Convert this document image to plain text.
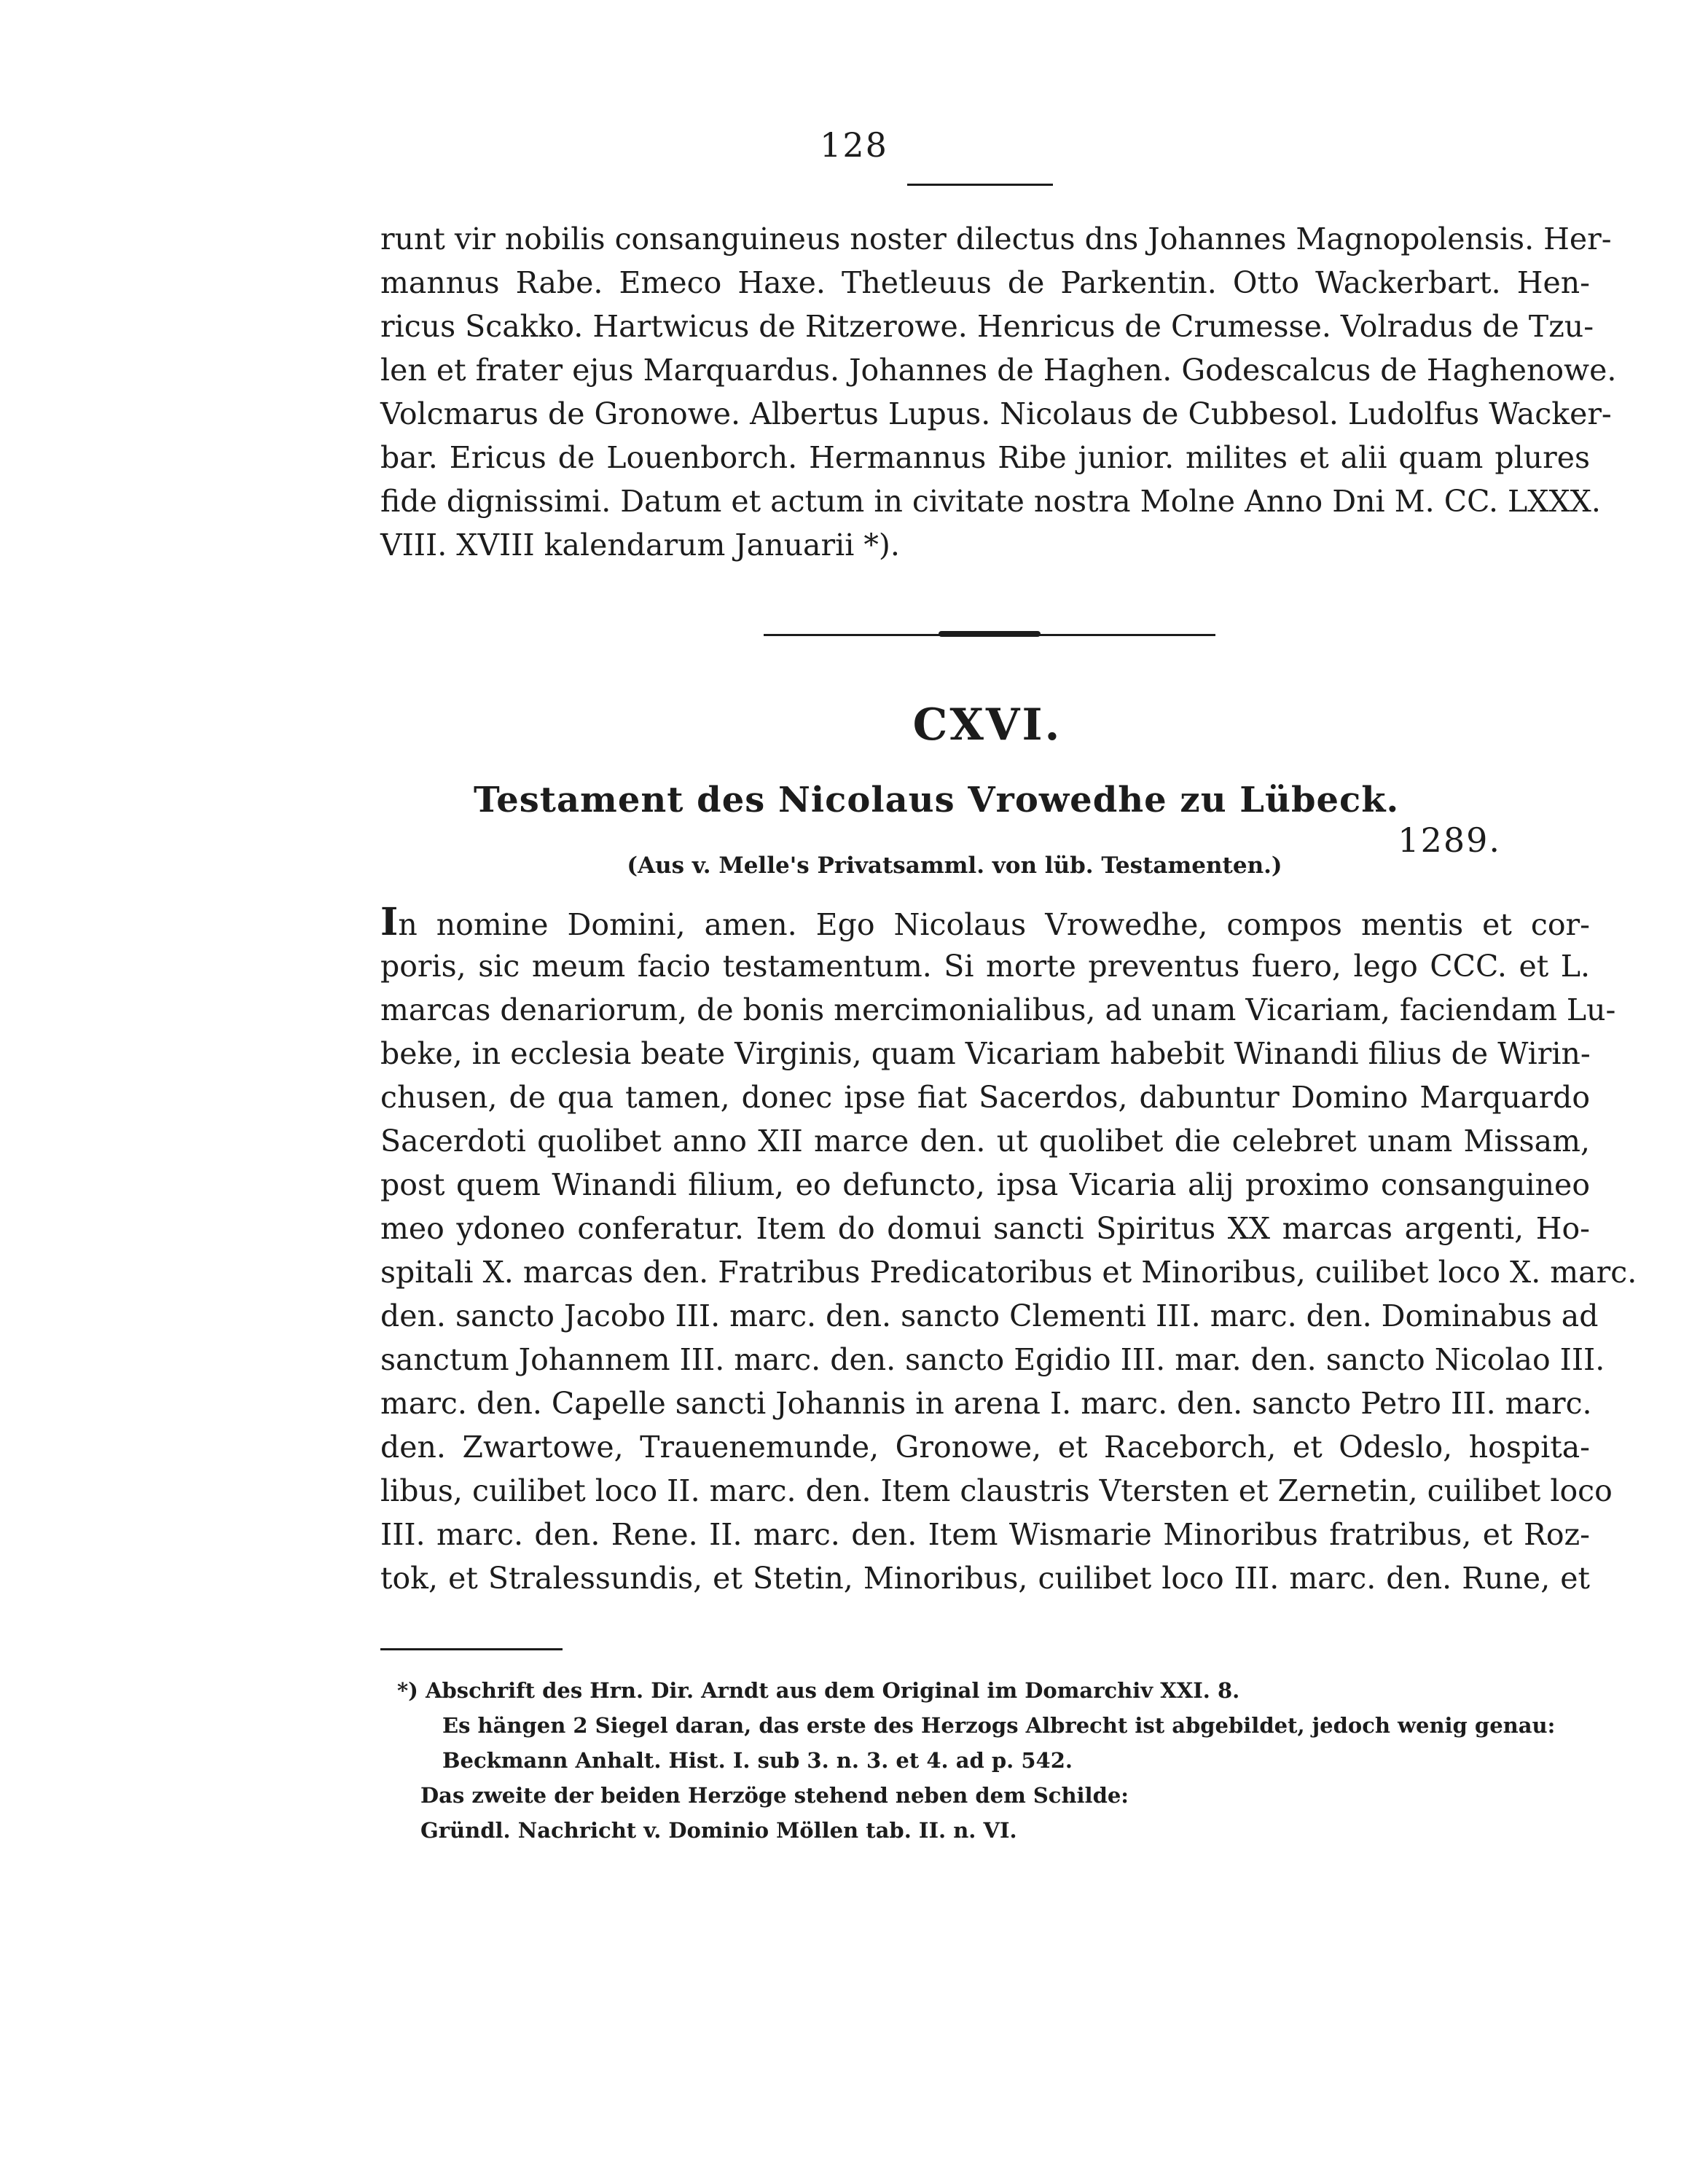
128
runt vir nobilis consanguineus noster dilectus dns Johannes Magnopolensis. Her-
mannus Rabe. Emeco Haxe. Thetleuus de Parkentin. Otto Wackerbart. Hen-
ricus Scakko. Hartwicus de Ritzerowe. Henricus de Crumesse. Volradus de Tzu-
len et frater ejus Marquardus. Johannes de Haghen. Godescalcus de Haghenowe.
Volcmarus de Gronowe. Albertus Lupus. Nicolaus de Cubbesol. Ludolfus Wacker-
bar. Ericus de Louenborch. Hermannus Ribe junior. milites et alii quam plures
fide dignissimi. Datum et actum in civitate nostra Molne Anno Dni M. CC. LXXX.
VIII. XVIII kalendarum Januarii *).
CXVI.
Testament des Nicolaus Vrowedhe zu Lübeck.
1289.
(Aus v. Melle's Privatsamml. von lüb. Testamenten.)
In nomine Domini, amen. Ego Nicolaus Vrowedhe, compos mentis et cor-
poris, sic meum facio testamentum. Si morte preventus fuero, lego CCC. et L.
marcas denariorum, de bonis mercimonialibus, ad unam Vicariam, faciendam Lu-
beke, in ecclesia beate Virginis, quam Vicariam habebit Winandi filius de Wirin-
chusen, de qua tamen, donec ipse fiat Sacerdos, dabuntur Domino Marquardo
Sacerdoti quolibet anno XII marce den. ut quolibet die celebret unam Missam,
post quem Winandi filium, eo defuncto, ipsa Vicaria alij proximo consanguineo
meo ydoneo conferatur. Item do domui sancti Spiritus XX marcas argenti, Ho-
spitali X. marcas den. Fratribus Predicatoribus et Minoribus, cuilibet loco X. marc.
den. sancto Jacobo III. marc. den. sancto Clementi III. marc. den. Dominabus ad
sanctum Johannem III. marc. den. sancto Egidio III. mar. den. sancto Nicolao III.
marc. den. Capelle sancti Johannis in arena I. marc. den. sancto Petro III. marc.
den. Zwartowe, Trauenemunde, Gronowe, et Raceborch, et Odeslo, hospita-
libus, cuilibet loco II. marc. den. Item claustris Vtersten et Zernetin, cuilibet loco
III. marc. den. Rene. II. marc. den. Item Wismarie Minoribus fratribus, et Roz-
tok, et Stralessundis, et Stetin, Minoribus, cuilibet loco III. marc. den. Rune, et
*) Abschrift des Hrn. Dir. Arndt aus dem Original im Domarchiv XXI. 8.
Es hängen 2 Siegel daran, das erste des Herzogs Albrecht ist abgebildet, jedoch wenig genau:
Beckmann Anhalt. Hist. I. sub 3. n. 3. et 4. ad p. 542.
Das zweite der beiden Herzöge stehend neben dem Schilde:
Gründl. Nachricht v. Dominio Möllen tab. II. n. VI.
